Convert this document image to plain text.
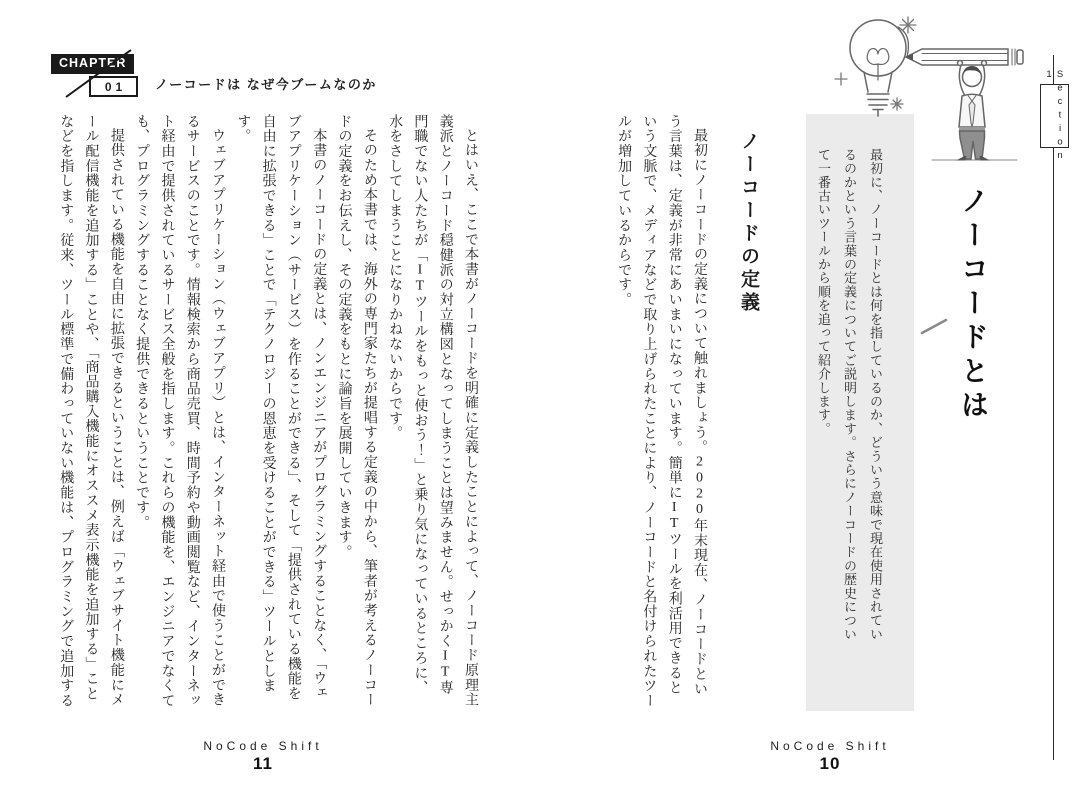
CHAPTER
01	ノーコードは なぜ今ブームなのか

とはいえ、ここで本書がノーコードを明確に定義したことによって、ノーコード原理主義派とノーコード穏健派の対立構図となってしまうことは望みません。せっかくIT専門職でない人たちが「ITツールをもっと使おう！」と乗り気になっているところに、水をさしてしまうことになりかねないからです。

そのため本書では、海外の専門家たちが提唱する定義の中から、筆者が考えるノーコードの定義をお伝えし、その定義をもとに論旨を展開していきます。

本書のノーコードの定義とは、ノンエンジニアがプログラミングすることなく、「ウェブアプリケーション（サービス）を作ることができる」、そして「提供されている機能を自由に拡張できる」ことで「テクノロジーの恩恵を受けることができる」ツールとします。

ウェブアプリケーション（ウェブアプリ）とは、インターネット経由で使うことができるサービスのことです。情報検索から商品売買、時間予約や動画閲覧など、インターネット経由で提供されているサービス全般を指します。これらの機能を、エンジニアでなくても、プログラミングすることなく提供できるということです。

提供されている機能を自由に拡張できるということは、例えば「ウェブサイト機能にメール配信機能を追加する」ことや、「商品購入機能にオススメ表示機能を追加する」ことなどを指します。従来、ツール標準で備わっていない機能は、プログラミングで追加する

NoCode Shift
11
Section 1
ノーコードとは
最初に、ノーコードとは何を指しているのか、どういう意味で現在使用されているのかという言葉の定義についてご説明します。さらにノーコードの歴史について一番古いツールから順を追って紹介します。
ノーコードの定義

最初にノーコードの定義について触れましょう。2020年末現在、ノーコードという言葉は、定義が非常にあいまいになっています。簡単にITツールを利活用できるという文脈で、メディアなどで取り上げられたことにより、ノーコードと名付けられたツールが増加しているからです。

NoCode Shift
10
